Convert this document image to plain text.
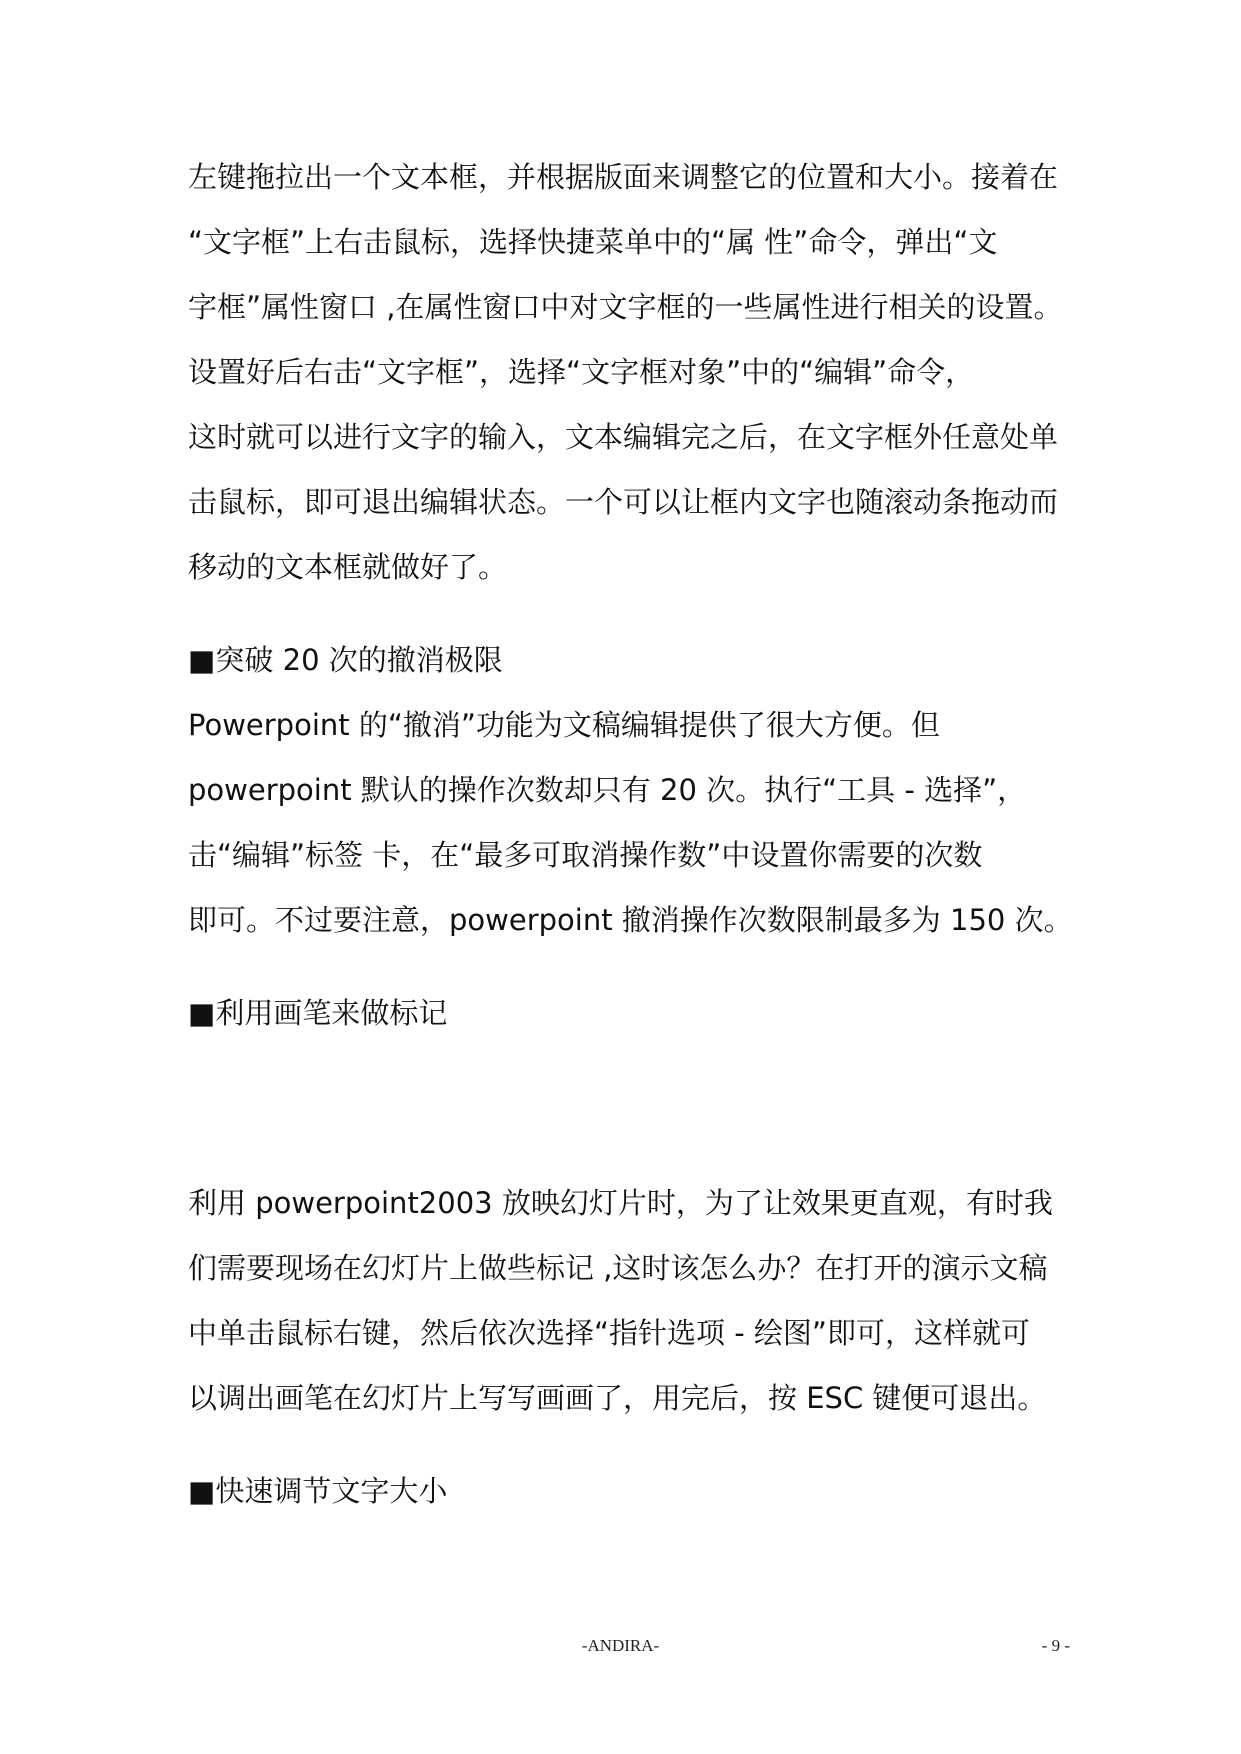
左键拖拉出一个文本框，并根据版面来调整它的位置和大小。接着在
“文字框”上右击鼠标，选择快捷菜单中的“属 性”命令，弹出“文
字框”属性窗口 ,在属性窗口中对文字框的一些属性进行相关的设置。
设置好后右击“文字框”，选择“文字框对象”中的“编辑”命令，
这时就可以进行文字的输入，文本编辑完之后，在文字框外任意处单
击鼠标，即可退出编辑状态。一个可以让框内文字也随滚动条拖动而
移动的文本框就做好了。
■突破 20 次的撤消极限
Powerpoint 的“撤消”功能为文稿编辑提供了很大方便。但
powerpoint 默认的操作次数却只有 20 次。执行“工具 - 选择”，
击“编辑”标签 卡，在“最多可取消操作数”中设置你需要的次数
即可。不过要注意，powerpoint 撤消操作次数限制最多为 150 次。
■利用画笔来做标记
利用 powerpoint2003 放映幻灯片时，为了让效果更直观，有时我
们需要现场在幻灯片上做些标记 ,这时该怎么办？在打开的演示文稿
中单击鼠标右键，然后依次选择“指针选项 - 绘图”即可，这样就可
以调出画笔在幻灯片上写写画画了，用完后，按 ESC 键便可退出。
■快速调节文字大小
-ANDIRA-	- 9 -
